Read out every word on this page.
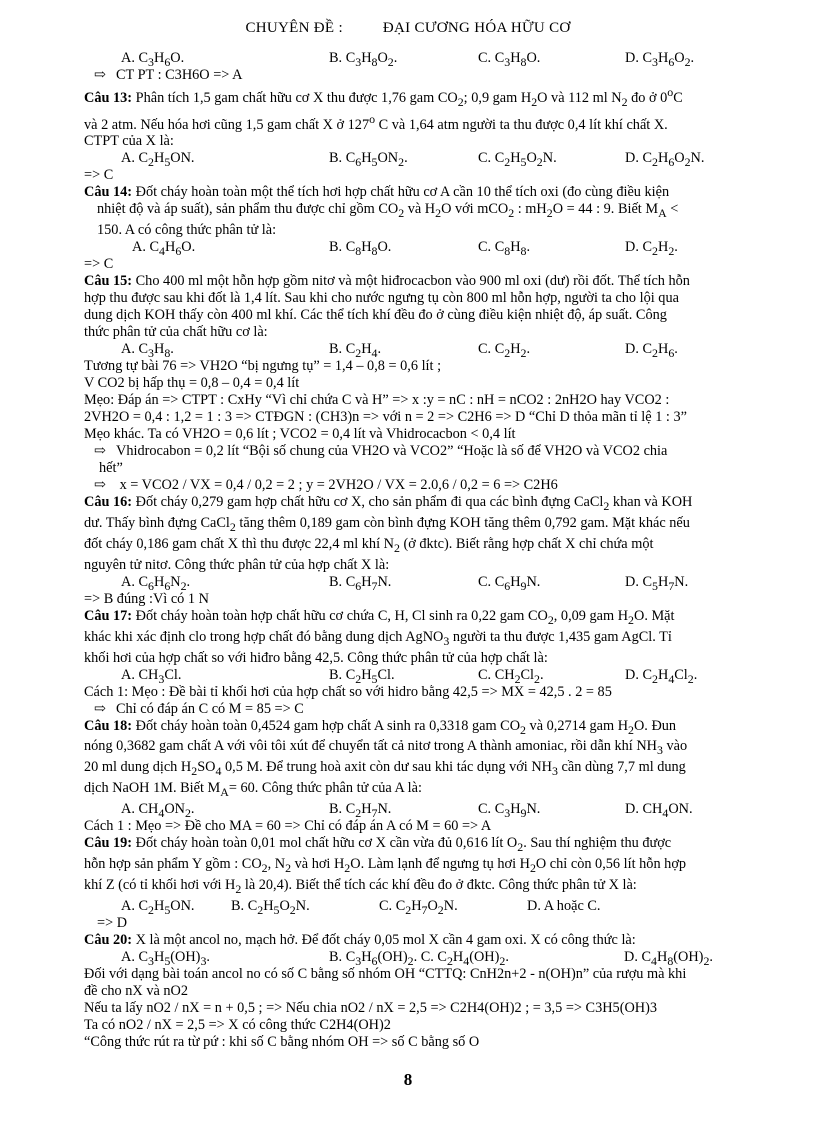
CHUYÊN ĐỀ :	ĐẠI CƯƠNG HÓA HỮU CƠ
A. $C_3H_6O$.	B. $C_3H_8O_2$.	C. $C_3H_8O$.	D. $C_3H_6O_2$.
⇨ CT PT : C3H6O => A
Câu 13: Phân tích 1,5 gam chất hữu cơ X thu được 1,76 gam $CO_2$; 0,9 gam $H_2O$ và 112 ml $N_2$ đo ở 0$^o$C
và 2 atm. Nếu hóa hơi cũng 1,5 gam chất X ở 127$^o$ C và 1,64 atm người ta thu được 0,4 lít khí chất X.
CTPT của X là:
A. $C_2H_5ON$.	B. $C_6H_5ON_2$.	C. $C_2H_5O_2N$.	D. $C_2H_6O_2N$.
=> C
Câu 14: Đốt cháy hoàn toàn một thể tích hơi hợp chất hữu cơ A cần 10 thể tích oxi (đo cùng điều kiện
nhiệt độ và áp suất), sản phẩm thu được chỉ gồm $CO_2$ và $H_2O$ với mCO$_2$ : $mH_2O = 44$ : 9. Biết $M_A$ <
150. A có công thức phân tử là:
A. $C_4H_6O$.	B. $C_8H_8O$.	C. $C_8H_8$.	D. $C_2H_2$.
=> C
Câu 15: Cho 400 ml một hỗn hợp gồm nitơ và một hiđrocacbon vào 900 ml oxi (dư) rồi đốt. Thể tích hỗn
hợp thu được sau khi đốt là 1,4 lít. Sau khi cho nước ngưng tụ còn 800 ml hỗn hợp, người ta cho lội qua
dung dịch KOH thấy còn 400 ml khí. Các thể tích khí đều đo ở cùng điều kiện nhiệt độ, áp suất. Công
thức phân tử của chất hữu cơ là:
A. $C_3H_8$.	B. $C_2H_4$.	C. $C_2H_2$.	D. $C_2H_6$.
Tương tự bài 76 => VH2O “bị ngưng tụ” = 1,4 – 0,8 = 0,6 lít ;
V CO2 bị hấp thụ = 0,8 – 0,4 = 0,4 lít
Mẹo: Đáp án => CTPT : CxHy “Vì chỉ chứa C và H” => x :y = nC : nH = nCO2 : 2nH2O hay VCO2 :
2VH2O = 0,4 : 1,2 = 1 : 3 => CTĐGN : (CH3)n => với n = 2 => C2H6 => D “Chỉ D thỏa mãn tỉ lệ 1 : 3”
Mẹo khác. Ta có VH2O = 0,6 lít ; VCO2 = 0,4 lít và Vhidrocacbon < 0,4 lít
⇨ Vhidrocabon = 0,2 lít “Bội số chung của VH2O và VCO2” “Hoặc là số để VH2O và VCO2 chia
hết”
⇨ x = VCO2 / VX = 0,4 / 0,2 = 2 ; y = 2VH2O / VX = 2.0,6 / 0,2 = 6 => C2H6
Câu 16: Đốt cháy 0,279 gam hợp chất hữu cơ X, cho sản phẩm đi qua các bình đựng CaCl$_2$ khan và KOH
dư. Thấy bình đựng CaCl$_2$ tăng thêm 0,189 gam còn bình đựng KOH tăng thêm 0,792 gam. Mặt khác nếu
đốt cháy 0,186 gam chất X thì thu được 22,4 ml khí $N_2$ (ở đktc). Biết rằng hợp chất X chỉ chứa một
nguyên tử nitơ. Công thức phân tử của hợp chất X là:
A. $C_6H_6N_2$.	B. $C_6H_7N$.	C. $C_6H_9N$.	D. $C_5H_7N$.
=> B đúng :Vì có 1 N
Câu 17: Đốt cháy hoàn toàn hợp chất hữu cơ chứa C, H, Cl sinh ra 0,22 gam $CO_2$, 0,09 gam $H_2O$. Mặt
khác khi xác định clo trong hợp chất đó bằng dung dịch AgNO$_3$ người ta thu được 1,435 gam AgCl. Tỉ
khối hơi của hợp chất so với hiđro bằng 42,5. Công thức phân tử của hợp chất là:
A. $CH_3Cl$.	B. $C_2H_5Cl$.	C. $CH_2Cl_2$.	D. $C_2H_4Cl_2$.
Cách 1: Mẹo : Đề bài tỉ khối hơi của hợp chất so với hidro bằng 42,5 => MX = 42,5 . 2 = 85
⇨ Chỉ có đáp án C có M = 85 => C
Câu 18: Đốt cháy hoàn toàn 0,4524 gam hợp chất A sinh ra 0,3318 gam $CO_2$ và 0,2714 gam $H_2O$. Đun
nóng 0,3682 gam chất A với vôi tôi xút để chuyển tất cả nitơ trong A thành amoniac, rồi dẫn khí $NH_3$ vào
20 ml dung dịch $H_2SO_4$ 0,5 M. Để trung hoà axit còn dư sau khi tác dụng với $NH_3$ cần dùng 7,7 ml dung
dịch NaOH 1M. Biết $M_A= 60$. Công thức phân tử của A là:
A. $CH_4ON_2$.	B. $C_2H_7N$.	C. $C_3H_9N$.	D. $CH_4ON$.
Cách 1 : Mẹo => Đề cho MA = 60 => Chỉ có đáp án A có M = 60 => A
Câu 19: Đốt cháy hoàn toàn 0,01 mol chất hữu cơ X cần vừa đủ 0,616 lít $O_2$. Sau thí nghiệm thu được
hỗn hợp sản phẩm Y gồm : $CO_2$, $N_2$ và hơi $H_2O$. Làm lạnh để ngưng tụ hơi $H_2O$ chỉ còn 0,56 lít hỗn hợp
khí Z (có tỉ khối hơi với $H_2$ là 20,4). Biết thể tích các khí đều đo ở đktc. Công thức phân tử X là:
A. $C_2H_5ON$.	B. $C_2H_5O_2N$.	C. $C_2H_7O_2N$.	D. A hoặc C.
=> D
Câu 20: X là một ancol no, mạch hở. Để đốt cháy 0,05 mol X cần 4 gam oxi. X có công thức là:
A. $C_3H_5(OH)_3$.	B. $C_3H_6(OH)_2$. C. $C_2H_4(OH)_2$.	D. $C_4H_8(OH)_2$.
Đối với dạng bài toán ancol no có số C bằng số nhóm OH “CTTQ: CnH2n+2 - n(OH)n” của rượu mà khi
đề cho nX và nO2
Nếu ta lấy nO2 / nX = n + 0,5 ; => Nếu chia nO2 / nX = 2,5 => C2H4(OH)2 ; = 3,5 => C3H5(OH)3
Ta có nO2 / nX = 2,5 => X có công thức C2H4(OH)2
“Công thức rút ra từ pứ : khi số C bằng nhóm OH => số C bằng số O
8
